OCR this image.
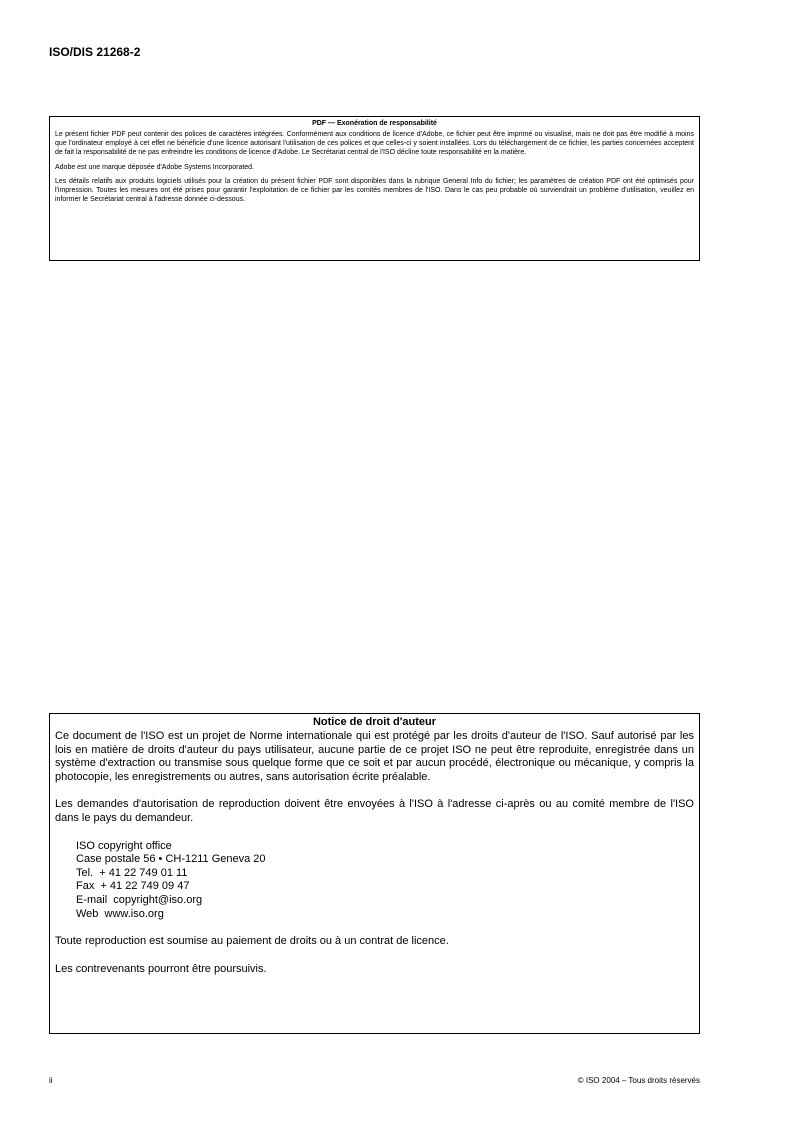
ISO/DIS 21268-2

PDF — Exonération de responsabilité

Le présent fichier PDF peut contenir des polices de caractères intégrées. Conformément aux conditions de licence d'Adobe, ce fichier peut être imprimé ou visualisé, mais ne doit pas être modifié à moins que l'ordinateur employé à cet effet ne bénéficie d'une licence autorisant l'utilisation de ces polices et que celles-ci y soient installées. Lors du téléchargement de ce fichier, les parties concernées acceptent de fait la responsabilité de ne pas enfreindre les conditions de licence d'Adobe. Le Secrétariat central de l'ISO décline toute responsabilité en la matière.

Adobe est une marque déposée d'Adobe Systems Incorporated.

Les détails relatifs aux produits logiciels utilisés pour la création du présent fichier PDF sont disponibles dans la rubrique General Info du fichier; les paramètres de création PDF ont été optimisés pour l'impression. Toutes les mesures ont été prises pour garantir l'exploitation de ce fichier par les comités membres de l'ISO. Dans le cas peu probable où surviendrait un problème d'utilisation, veuillez en informer le Secrétariat central à l'adresse donnée ci-dessous.

Notice de droit d'auteur

Ce document de l'ISO est un projet de Norme internationale qui est protégé par les droits d'auteur de l'ISO. Sauf autorisé par les lois en matière de droits d'auteur du pays utilisateur, aucune partie de ce projet ISO ne peut être reproduite, enregistrée dans un système d'extraction ou transmise sous quelque forme que ce soit et par aucun procédé, électronique ou mécanique, y compris la photocopie, les enregistrements ou autres, sans autorisation écrite préalable.

Les demandes d'autorisation de reproduction doivent être envoyées à l'ISO à l'adresse ci-après ou au comité membre de l'ISO dans le pays du demandeur.

ISO copyright office
Case postale 56 • CH-1211 Geneva 20
Tel.  + 41 22 749 01 11
Fax  + 41 22 749 09 47
E-mail  copyright@iso.org
Web  www.iso.org

Toute reproduction est soumise au paiement de droits ou à un contrat de licence.

Les contrevenants pourront être poursuivis.

ii	© ISO 2004 – Tous droits réservés
